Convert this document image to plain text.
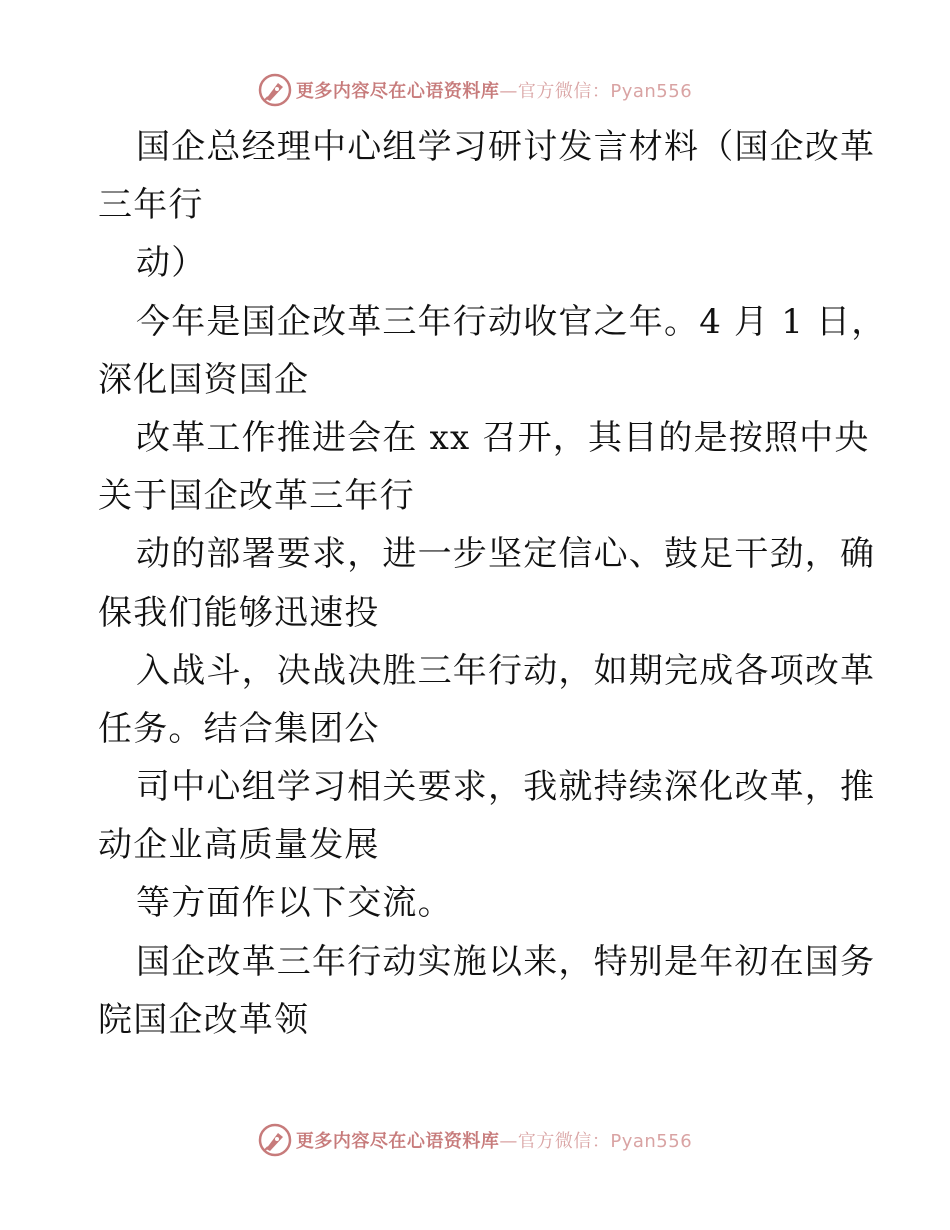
更多内容尽在心语资料库—官方微信：Pyan556
国企总经理中心组学习研讨发言材料（国企改革
三年行
动）
今年是国企改革三年行动收官之年。4 月 1 日，
深化国资国企
改革工作推进会在 xx 召开，其目的是按照中央
关于国企改革三年行
动的部署要求，进一步坚定信心、鼓足干劲，确
保我们能够迅速投
入战斗，决战决胜三年行动，如期完成各项改革
任务。结合集团公
司中心组学习相关要求，我就持续深化改革，推
动企业高质量发展
等方面作以下交流。
国企改革三年行动实施以来，特别是年初在国务
院国企改革领
更多内容尽在心语资料库—官方微信：Pyan556
